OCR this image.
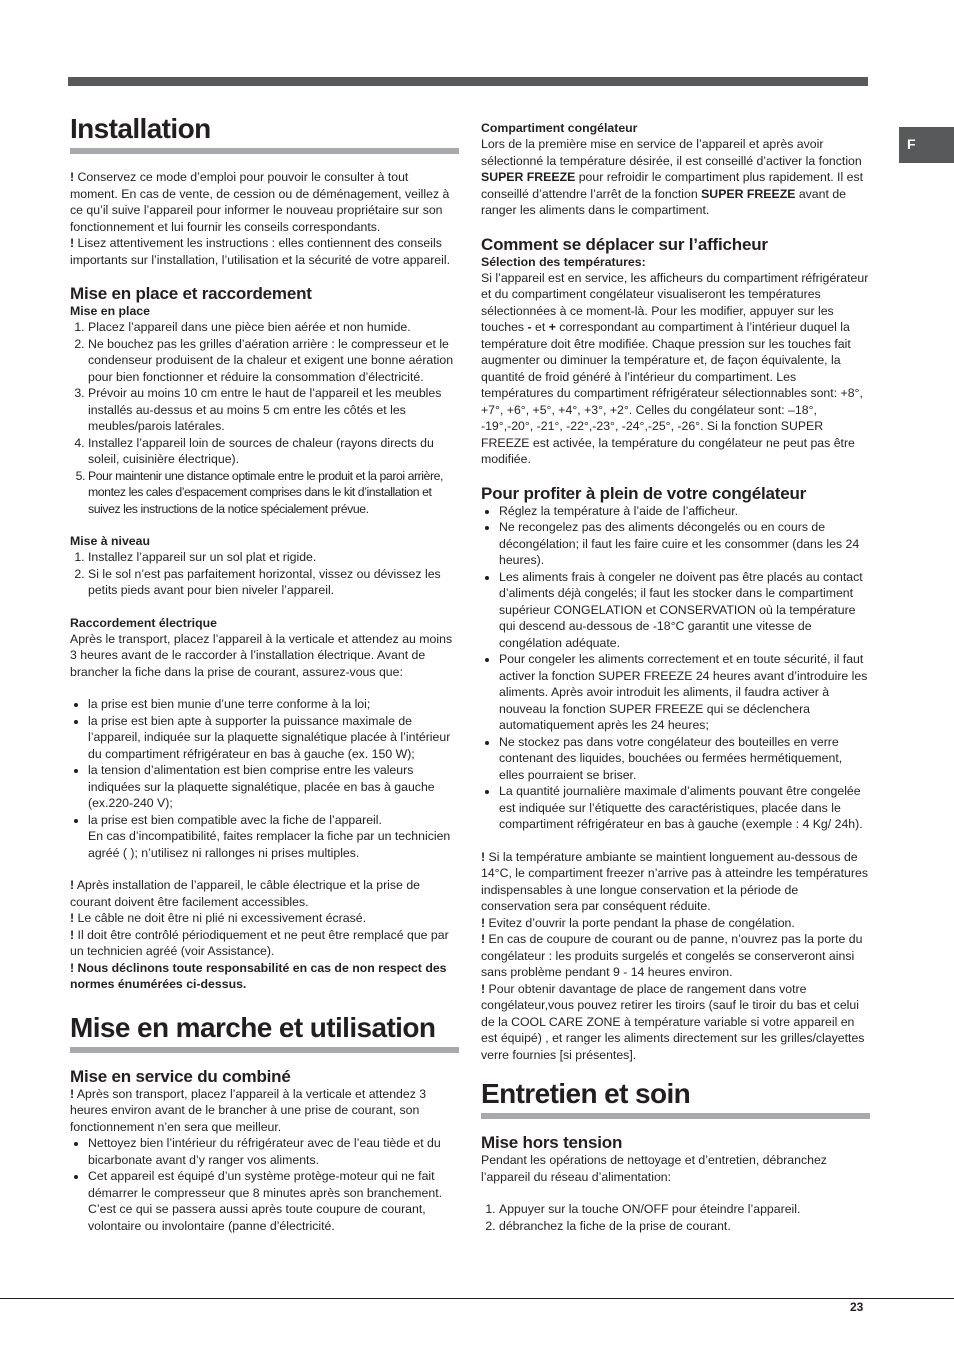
F
Installation

! Conservez ce mode d’emploi pour pouvoir le consulter à tout moment. En cas de vente, de cession ou de déménagement, veillez à ce qu’il suive l’appareil pour informer le nouveau propriétaire sur son fonctionnement et lui fournir les conseils correspondants.

! Lisez attentivement les instructions : elles contiennent des conseils importants sur l’installation, l’utilisation et la sécurité de votre appareil.

Mise en place et raccordement
Mise en place
1. Placez l’appareil dans une pièce bien aérée et non humide.
2. Ne bouchez pas les grilles d’aération arrière : le compresseur et le condenseur produisent de la chaleur et exigent une bonne aération pour bien fonctionner et réduire la consommation d’électricité.
3. Prévoir au moins 10 cm entre le haut de l’appareil et les meubles installés au-dessus et au moins 5 cm entre les côtés et les meubles/parois latérales.
4. Installez l’appareil loin de sources de chaleur (rayons directs du soleil, cuisinière électrique).
5. Pour maintenir une distance optimale entre le produit et la paroi arrière, montez les cales d’espacement comprises dans le kit d’installation et suivez les instructions de la notice spécialement prévue.
Mise à niveau
1. Installez l’appareil sur un sol plat et rigide.
2. Si le sol n’est pas parfaitement horizontal, vissez ou dévissez les petits pieds avant pour bien niveler l’appareil.
Raccordement électrique

Après le transport, placez l’appareil à la verticale et attendez au moins 3 heures avant de le raccorder à l’installation électrique. Avant de brancher la fiche dans la prise de courant, assurez-vous que:

• la prise est bien munie d’une terre conforme à la loi;
• la prise est bien apte à supporter la puissance maximale de l’appareil, indiquée sur la plaquette signalétique placée à l’intérieur du compartiment réfrigérateur en bas à gauche (ex. 150 W);
• la tension d’alimentation est bien comprise entre les valeurs indiquées sur la plaquette signalétique, placée en bas à gauche (ex.220-240 V);
• la prise est bien compatible avec la fiche de l’appareil.
En cas d’incompatibilité, faites remplacer la fiche par un technicien agréé ( ); n’utilisez ni rallonges ni prises multiples.

! Après installation de l’appareil, le câble électrique et la prise de courant doivent être facilement accessibles.

! Le câble ne doit être ni plié ni excessivement écrasé.

! Il doit être contrôlé périodiquement et ne peut être remplacé que par un technicien agréé (voir Assistance).

! Nous déclinons toute responsabilité en cas de non respect des normes énumérées ci-dessus.

Mise en marche et utilisation
Mise en service du combiné

! Après son transport, placez l’appareil à la verticale et attendez 3 heures environ avant de le brancher à une prise de courant, son fonctionnement n’en sera que meilleur.

• Nettoyez bien l’intérieur du réfrigérateur avec de l’eau tiède et du bicarbonate avant d’y ranger vos aliments.
• Cet appareil est équipé d’un système protège-moteur qui ne fait démarrer le compresseur que 8 minutes après son branchement. C’est ce qui se passera aussi après toute coupure de courant, volontaire ou involontaire (panne d’électricité.
Compartiment congélateur

Lors de la première mise en service de l’appareil et après avoir sélectionné la température désirée, il est conseillé d’activer la fonction SUPER FREEZE pour refroidir le compartiment plus rapidement. Il est conseillé d’attendre l’arrêt de la fonction SUPER FREEZE avant de ranger les aliments dans le compartiment.

Comment se déplacer sur l’afficheur
Sélection des températures:

Si l’appareil est en service, les afficheurs du compartiment réfrigérateur et du compartiment congélateur visualiseront les températures sélectionnées à ce moment-là. Pour les modifier, appuyer sur les touches - et + correspondant au compartiment à l’intérieur duquel la température doit être modifiée. Chaque pression sur les touches fait augmenter ou diminuer la température et, de façon équivalente, la quantité de froid généré à l’intérieur du compartiment. Les températures du compartiment réfrigérateur sélectionnables sont: +8°, +7°, +6°, +5°, +4°, +3°, +2°. Celles du congélateur sont: –18°, -19°,-20°, -21°, -22°,-23°, -24°,-25°, -26°. Si la fonction SUPER FREEZE est activée, la température du congélateur ne peut pas être modifiée.

Pour profiter à plein de votre congélateur
• Réglez la température à l’aide de l’afficheur.
• Ne recongelez pas des aliments décongelés ou en cours de décongélation; il faut les faire cuire et les consommer (dans les 24 heures).
• Les aliments frais à congeler ne doivent pas être placés au contact d’aliments déjà congelés; il faut les stocker dans le compartiment supérieur CONGELATION et CONSERVATION où la température qui descend au-dessous de -18°C garantit une vitesse de congélation adéquate.
• Pour congeler les aliments correctement et en toute sécurité, il faut activer la fonction SUPER FREEZE 24 heures avant d’introduire les aliments. Après avoir introduit les aliments, il faudra activer à nouveau la fonction SUPER FREEZE qui se déclenchera automatiquement après les 24 heures;
• Ne stockez pas dans votre congélateur des bouteilles en verre contenant des liquides, bouchées ou fermées hermétiquement, elles pourraient se briser.
• La quantité journalière maximale d’aliments pouvant être congelée est indiquée sur l’étiquette des caractéristiques, placée dans le compartiment réfrigérateur en bas à gauche (exemple : 4 Kg/ 24h).

! Si la température ambiante se maintient longuement au-dessous de 14°C, le compartiment freezer n’arrive pas à atteindre les températures indispensables à une longue conservation et la période de conservation sera par conséquent réduite.

! Evitez d’ouvrir la porte pendant la phase de congélation.

! En cas de coupure de courant ou de panne, n’ouvrez pas la porte du congélateur : les produits surgelés et congelés se conserveront ainsi sans problème pendant 9 - 14 heures environ.

! Pour obtenir davantage de place de rangement dans votre congélateur,vous pouvez retirer les tiroirs (sauf le tiroir du bas et celui de la COOL CARE ZONE à température variable si votre appareil en est équipé) , et ranger les aliments directement sur les grilles/clayettes verre fournies [si présentes].

Entretien et soin
Mise hors tension

Pendant les opérations de nettoyage et d’entretien, débranchez l’appareil du réseau d’alimentation:

1. Appuyer sur la touche ON/OFF pour éteindre l’appareil.
2. débranchez la fiche de la prise de courant.
23
